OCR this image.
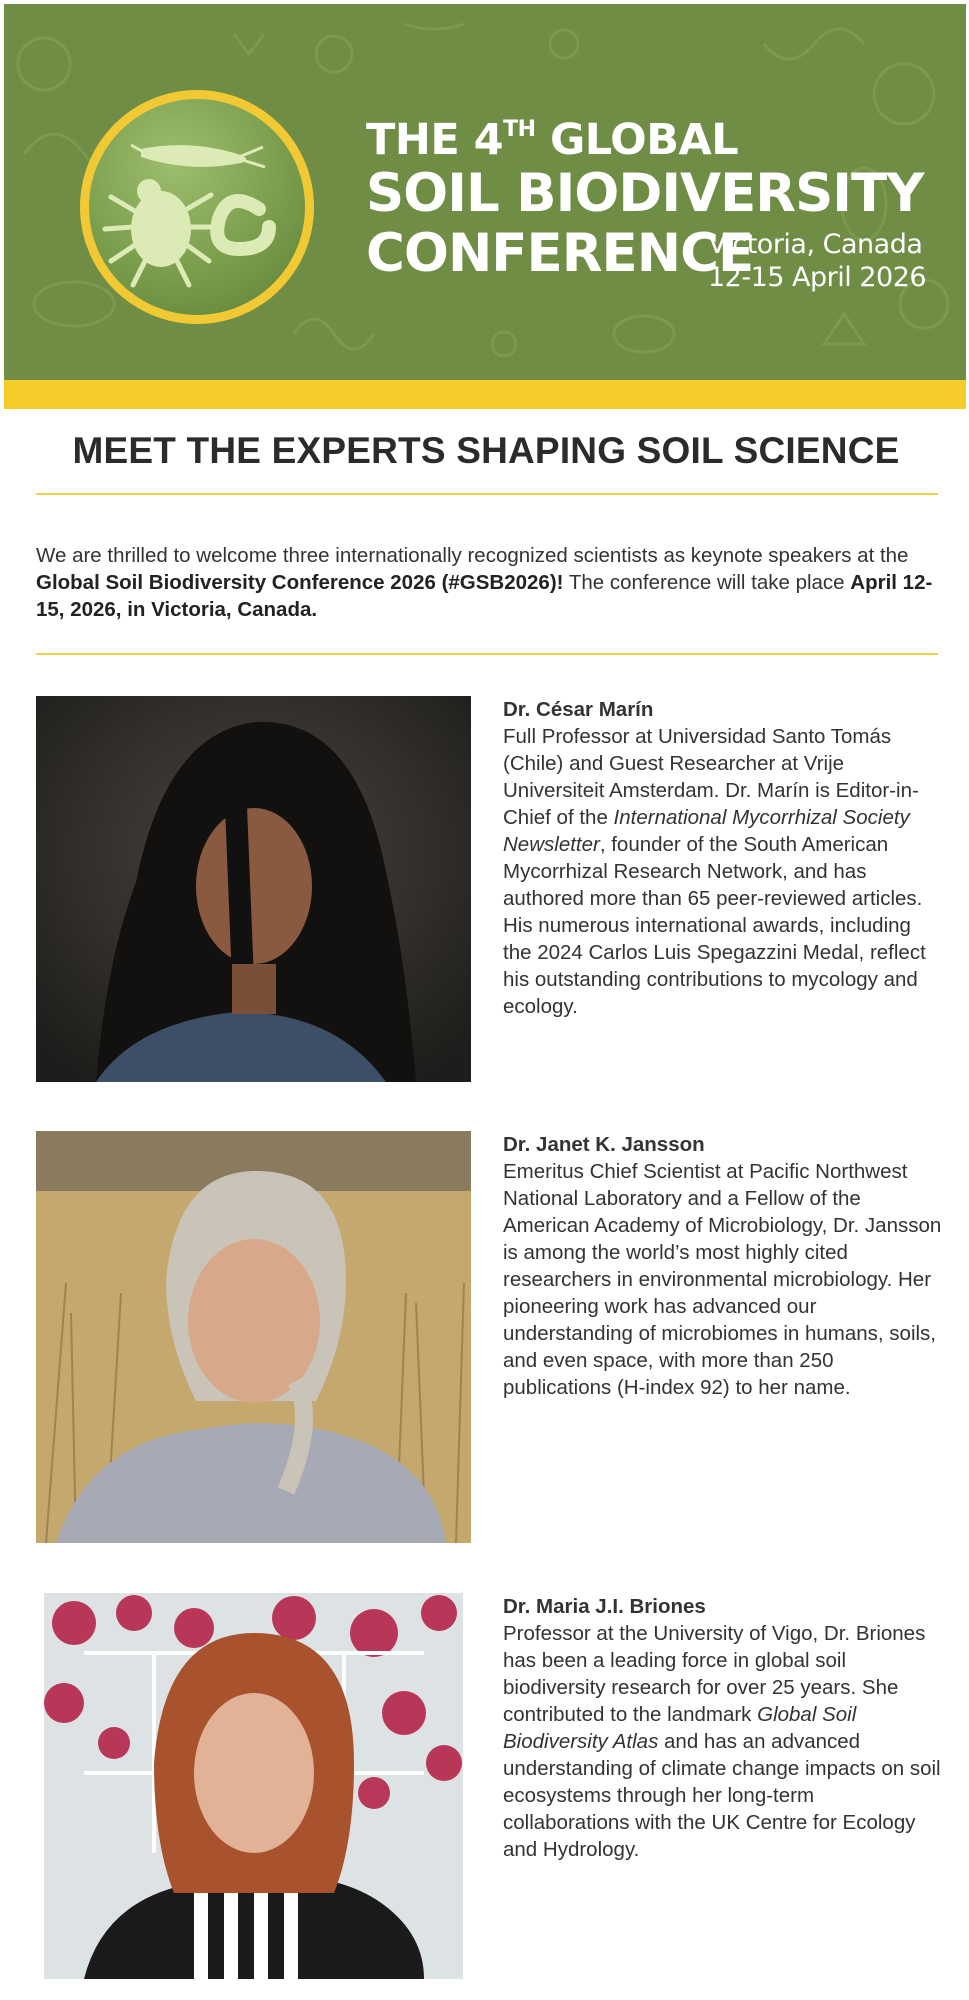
THE 4TH GLOBAL
SOIL BIODIVERSITY
CONFERENCE
Victoria, Canada
12-15 April 2026
MEET THE EXPERTS SHAPING SOIL SCIENCE
We are thrilled to welcome three internationally recognized scientists as keynote speakers at the Global Soil Biodiversity Conference 2026 (#GSB2026)! The conference will take place April 12-15, 2026, in Victoria, Canada.
Dr. César Marín
Full Professor at Universidad Santo Tomás (Chile) and Guest Researcher at Vrije Universiteit Amsterdam. Dr. Marín is Editor-in-Chief of the International Mycorrhizal Society Newsletter, founder of the South American Mycorrhizal Research Network, and has authored more than 65 peer-reviewed articles. His numerous international awards, including the 2024 Carlos Luis Spegazzini Medal, reflect his outstanding contributions to mycology and ecology.
Dr. Janet K. Jansson
Emeritus Chief Scientist at Pacific Northwest National Laboratory and a Fellow of the American Academy of Microbiology, Dr. Jansson is among the world’s most highly cited researchers in environmental microbiology. Her pioneering work has advanced our understanding of microbiomes in humans, soils, and even space, with more than 250 publications (H-index 92) to her name.
Dr. Maria J.I. Briones
Professor at the University of Vigo, Dr. Briones has been a leading force in global soil biodiversity research for over 25 years. She contributed to the landmark Global Soil Biodiversity Atlas and has an advanced understanding of climate change impacts on soil ecosystems through her long-term collaborations with the UK Centre for Ecology and Hydrology.
